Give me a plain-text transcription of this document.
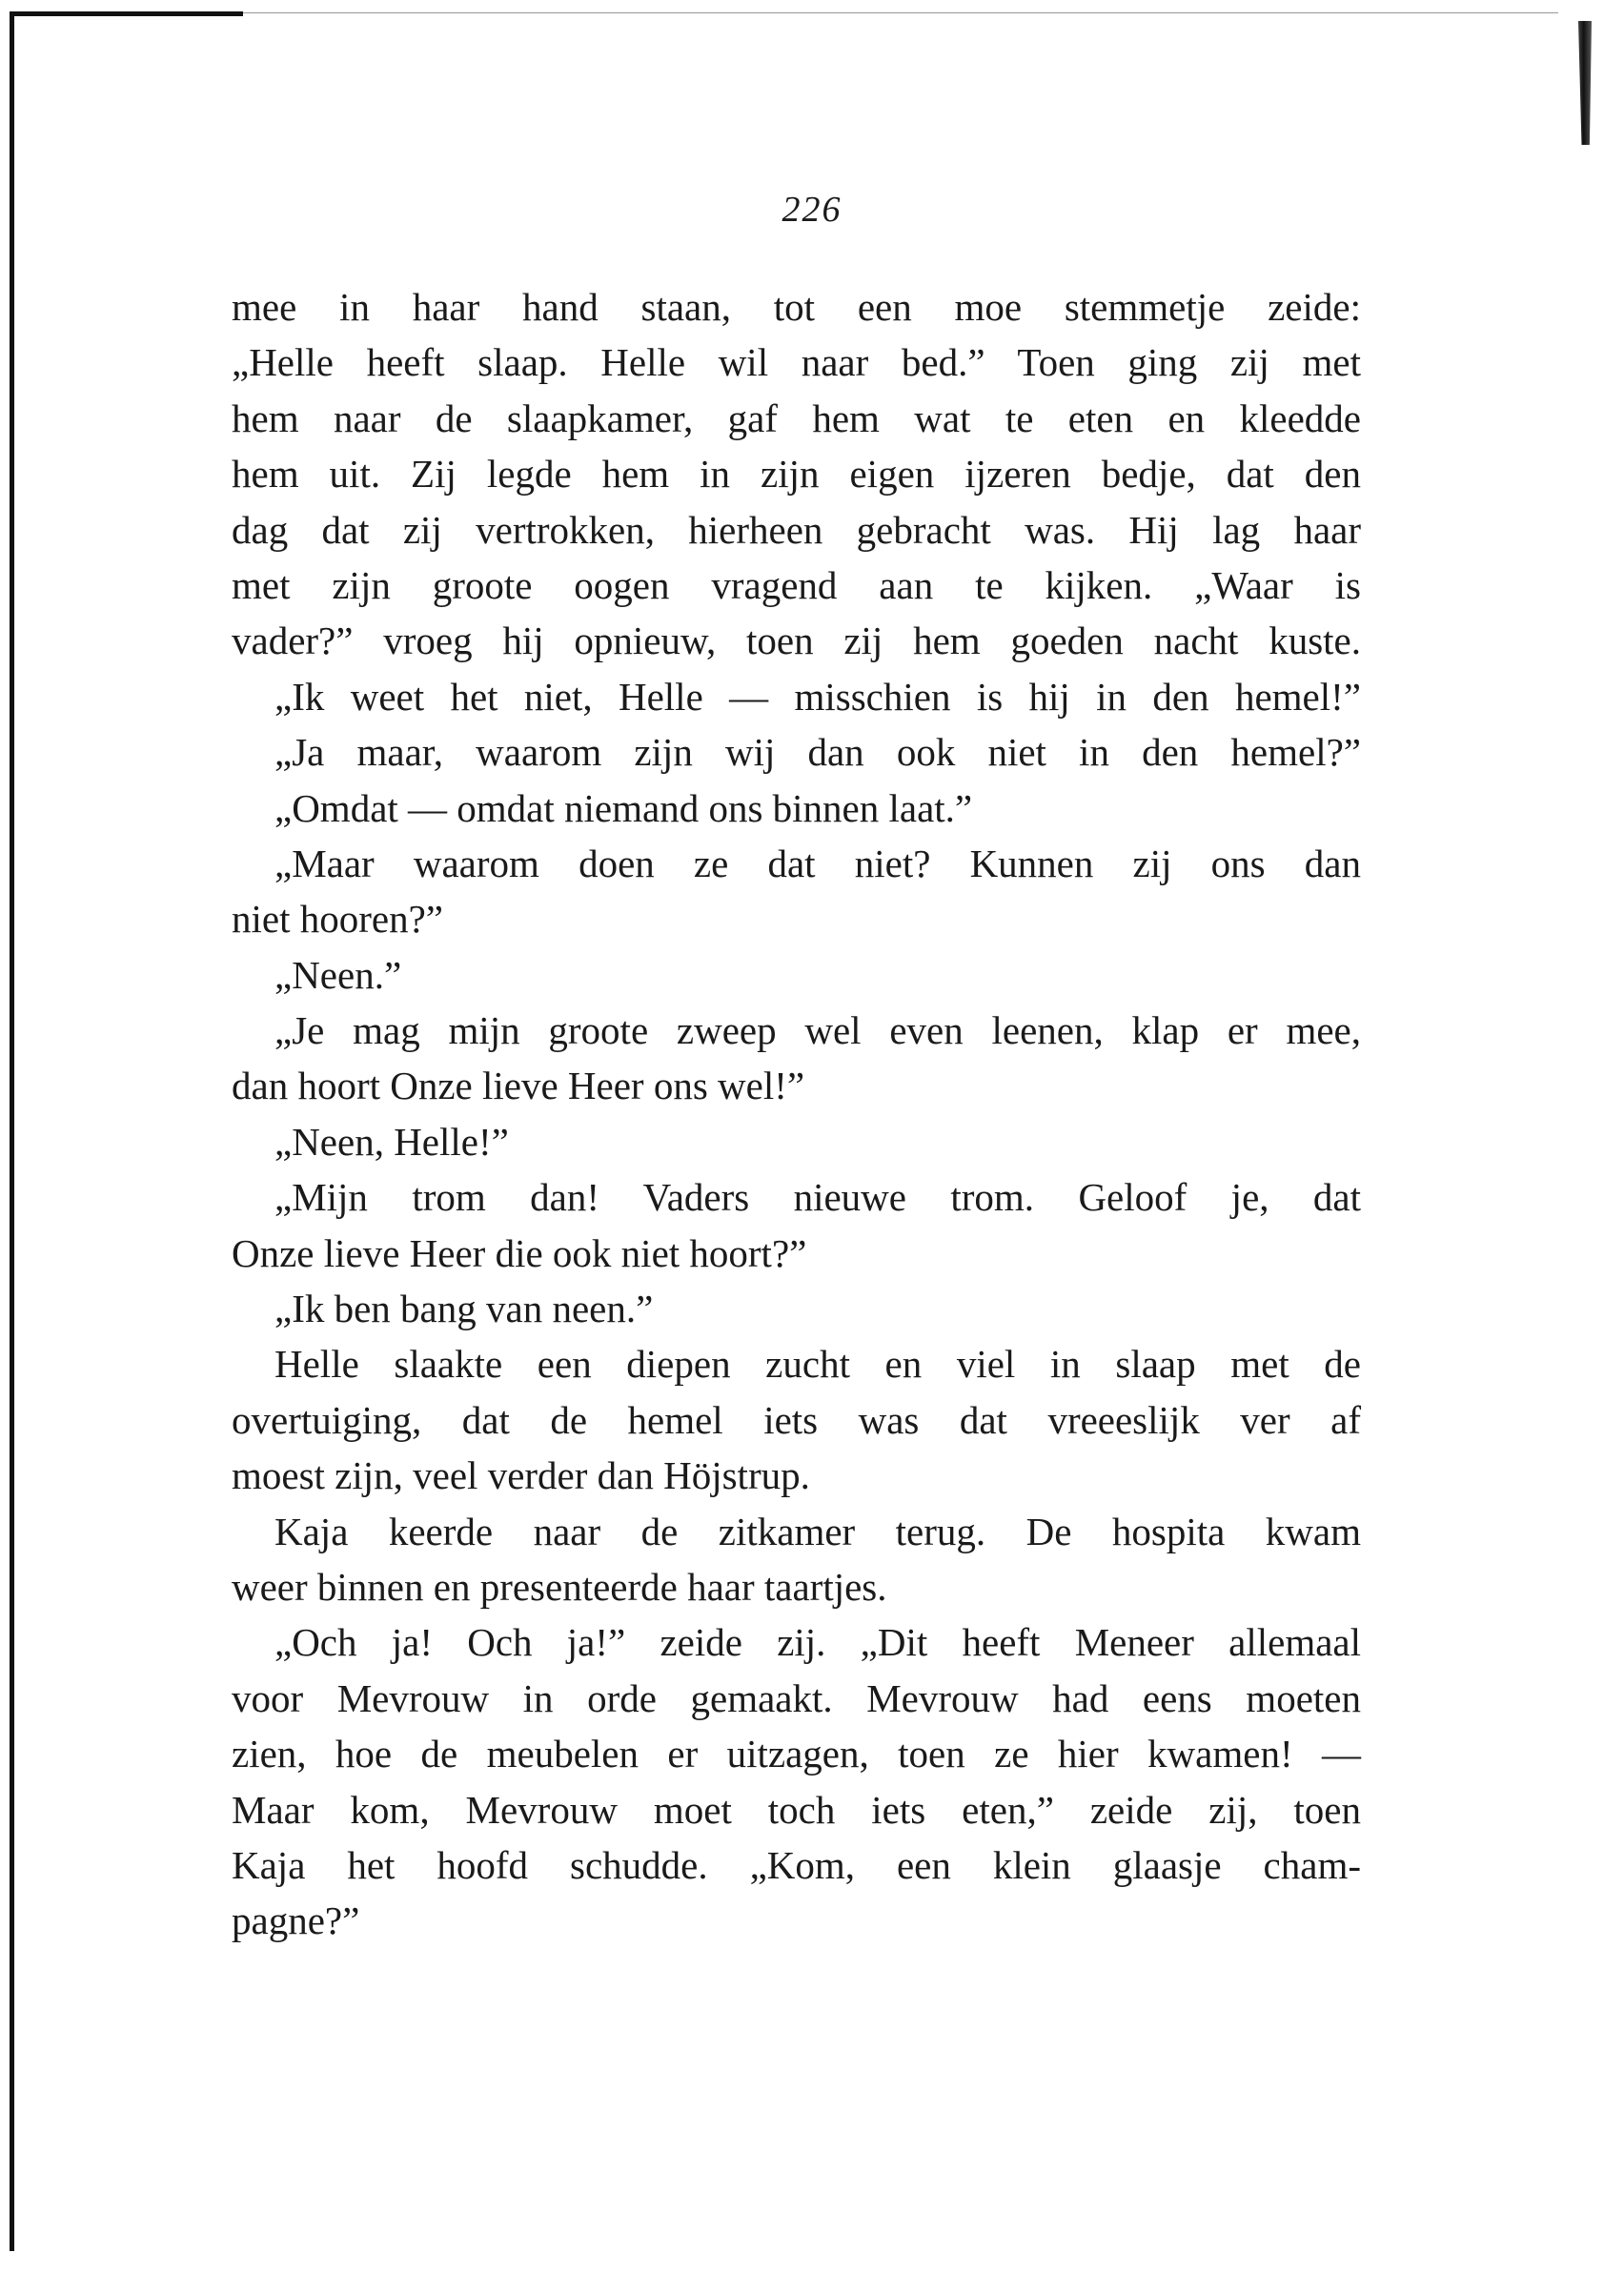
226
mee in haar hand staan, tot een moe stemmetje zeide:
„Helle heeft slaap. Helle wil naar bed.” Toen ging zij met
hem naar de slaapkamer, gaf hem wat te eten en kleedde
hem uit. Zij legde hem in zijn eigen ijzeren bedje, dat den
dag dat zij vertrokken, hierheen gebracht was. Hij lag haar
met zijn groote oogen vragend aan te kijken. „Waar is
vader?” vroeg hij opnieuw, toen zij hem goeden nacht kuste.
„Ik weet het niet, Helle — misschien is hij in den hemel!”
„Ja maar, waarom zijn wij dan ook niet in den hemel?”
„Omdat — omdat niemand ons binnen laat.”
„Maar waarom doen ze dat niet? Kunnen zij ons dan
niet hooren?”
„Neen.”
„Je mag mijn groote zweep wel even leenen, klap er mee,
dan hoort Onze lieve Heer ons wel!”
„Neen, Helle!”
„Mijn trom dan! Vaders nieuwe trom. Geloof je, dat
Onze lieve Heer die ook niet hoort?”
„Ik ben bang van neen.”
Helle slaakte een diepen zucht en viel in slaap met de
overtuiging, dat de hemel iets was dat vreeeslijk ver af
moest zijn, veel verder dan Höjstrup.
Kaja keerde naar de zitkamer terug. De hospita kwam
weer binnen en presenteerde haar taartjes.
„Och ja! Och ja!” zeide zij. „Dit heeft Meneer allemaal
voor Mevrouw in orde gemaakt. Mevrouw had eens moeten
zien, hoe de meubelen er uitzagen, toen ze hier kwamen! —
Maar kom, Mevrouw moet toch iets eten,” zeide zij, toen
Kaja het hoofd schudde. „Kom, een klein glaasje cham-
pagne?”
